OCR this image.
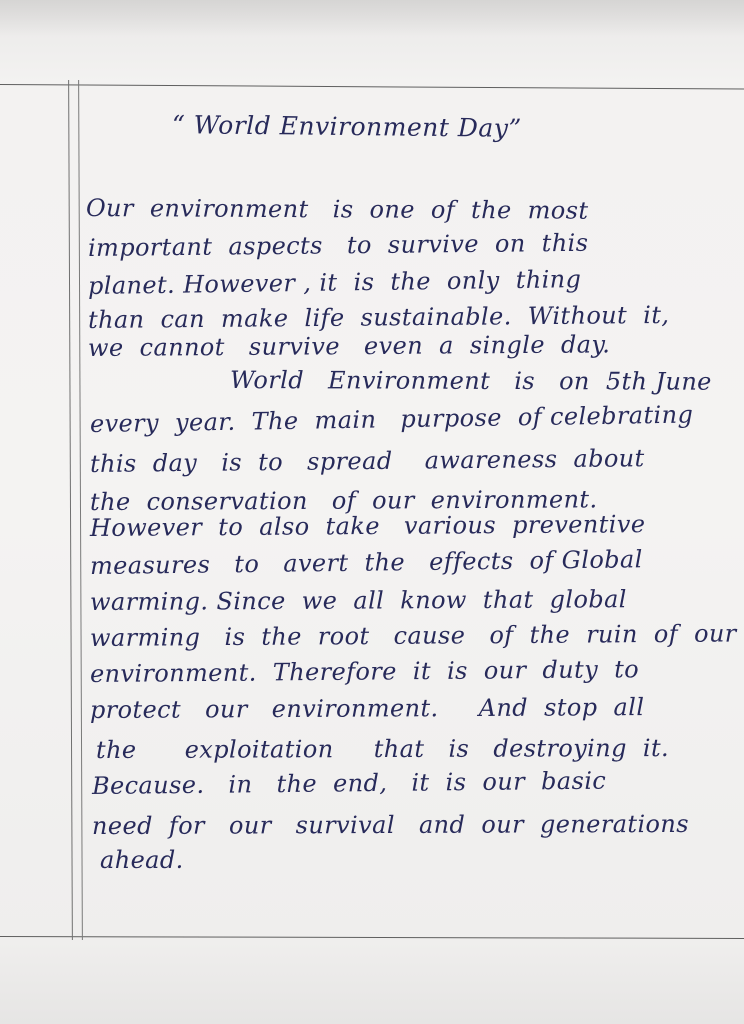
“ World Environment Day”
Our  environment   is  one  of  the  most
important  aspects   to  survive  on  this
planet. However , it  is  the  only  thing
than  can  make  life  sustainable.  Without  it,
we  cannot   survive   even  a  single  day.
World   Environment   is   on  5th June
every  year.  The  main   purpose  of celebrating
this  day   is  to   spread    awareness  about
the  conservation   of  our  environment.
However  to  also  take   various  preventive
measures   to   avert  the   effects  of Global
warming. Since  we  all  know  that  global
warming   is  the  root   cause   of  the  ruin  of  our
environment.  Therefore  it  is  our  duty  to
protect   our   environment.     And  stop  all
the      exploitation     that   is   destroying  it.
Because.   in   the  end,   it  is  our  basic
need  for   our   survival   and  our  generations
ahead.
